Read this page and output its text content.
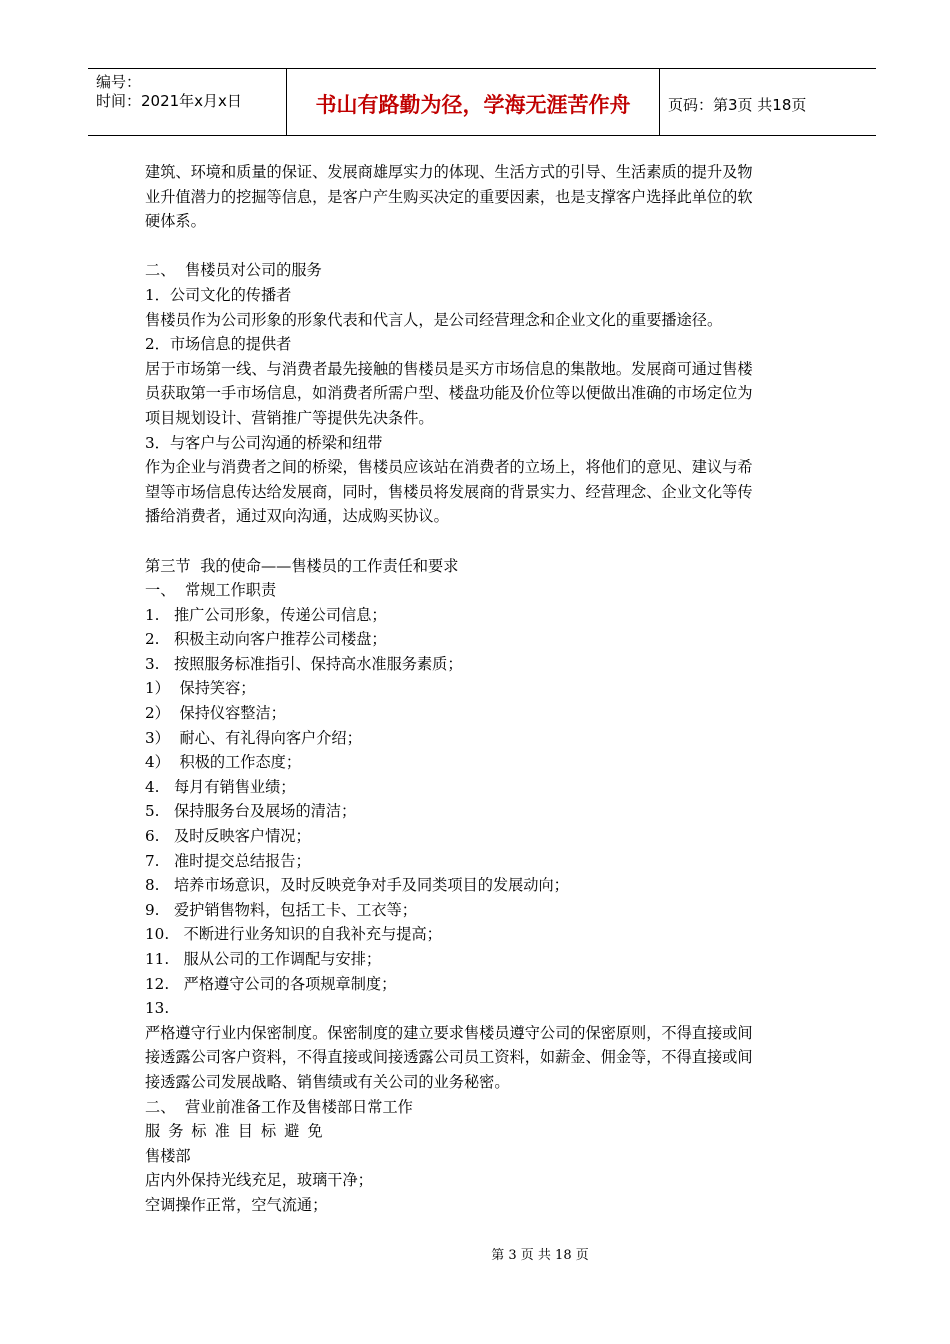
编号：
时间：2021年x月x日	书山有路勤为径，学海无涯苦作舟	页码：第3页 共18页

建筑、环境和质量的保证、发展商雄厚实力的体现、生活方式的引导、生活素质的提升及物

业升值潜力的挖掘等信息，是客户产生购买决定的重要因素，也是支撑客户选择此单位的软

硬体系。

二、  售楼员对公司的服务

1．公司文化的传播者

售楼员作为公司形象的形象代表和代言人，是公司经营理念和企业文化的重要播途径。

2．市场信息的提供者

居于市场第一线、与消费者最先接触的售楼员是买方市场信息的集散地。发展商可通过售楼

员获取第一手市场信息，如消费者所需户型、楼盘功能及价位等以便做出准确的市场定位为

项目规划设计、营销推广等提供先决条件。

3．与客户与公司沟通的桥梁和纽带

作为企业与消费者之间的桥梁，售楼员应该站在消费者的立场上，将他们的意见、建议与希

望等市场信息传达给发展商，同时，售楼员将发展商的背景实力、经营理念、企业文化等传

播给消费者，通过双向沟通，达成购买协议。

第三节  我的使命——售楼员的工作责任和要求

一、  常规工作职责

1.   推广公司形象，传递公司信息；

2.   积极主动向客户推荐公司楼盘；

3.   按照服务标准指引、保持高水准服务素质；

1）  保持笑容；

2）  保持仪容整洁；

3）  耐心、有礼得向客户介绍；

4）  积极的工作态度；

4.   每月有销售业绩；

5.   保持服务台及展场的清洁；

6.   及时反映客户情况；

7.   准时提交总结报告；

8.   培养市场意识，及时反映竞争对手及同类项目的发展动向；

9.   爱护销售物料，包括工卡、工衣等；

10.   不断进行业务知识的自我补充与提高；

11.   服从公司的工作调配与安排；

12.   严格遵守公司的各项规章制度；

13.

严格遵守行业内保密制度。保密制度的建立要求售楼员遵守公司的保密原则，不得直接或间

接透露公司客户资料，不得直接或间接透露公司员工资料，如薪金、佣金等，不得直接或间

接透露公司发展战略、销售绩或有关公司的业务秘密。

二、  营业前准备工作及售楼部日常工作

服务标准目标避免

售楼部

店内外保持光线充足，玻璃干净；

空调操作正常，空气流通；

第 3 页 共 18 页
